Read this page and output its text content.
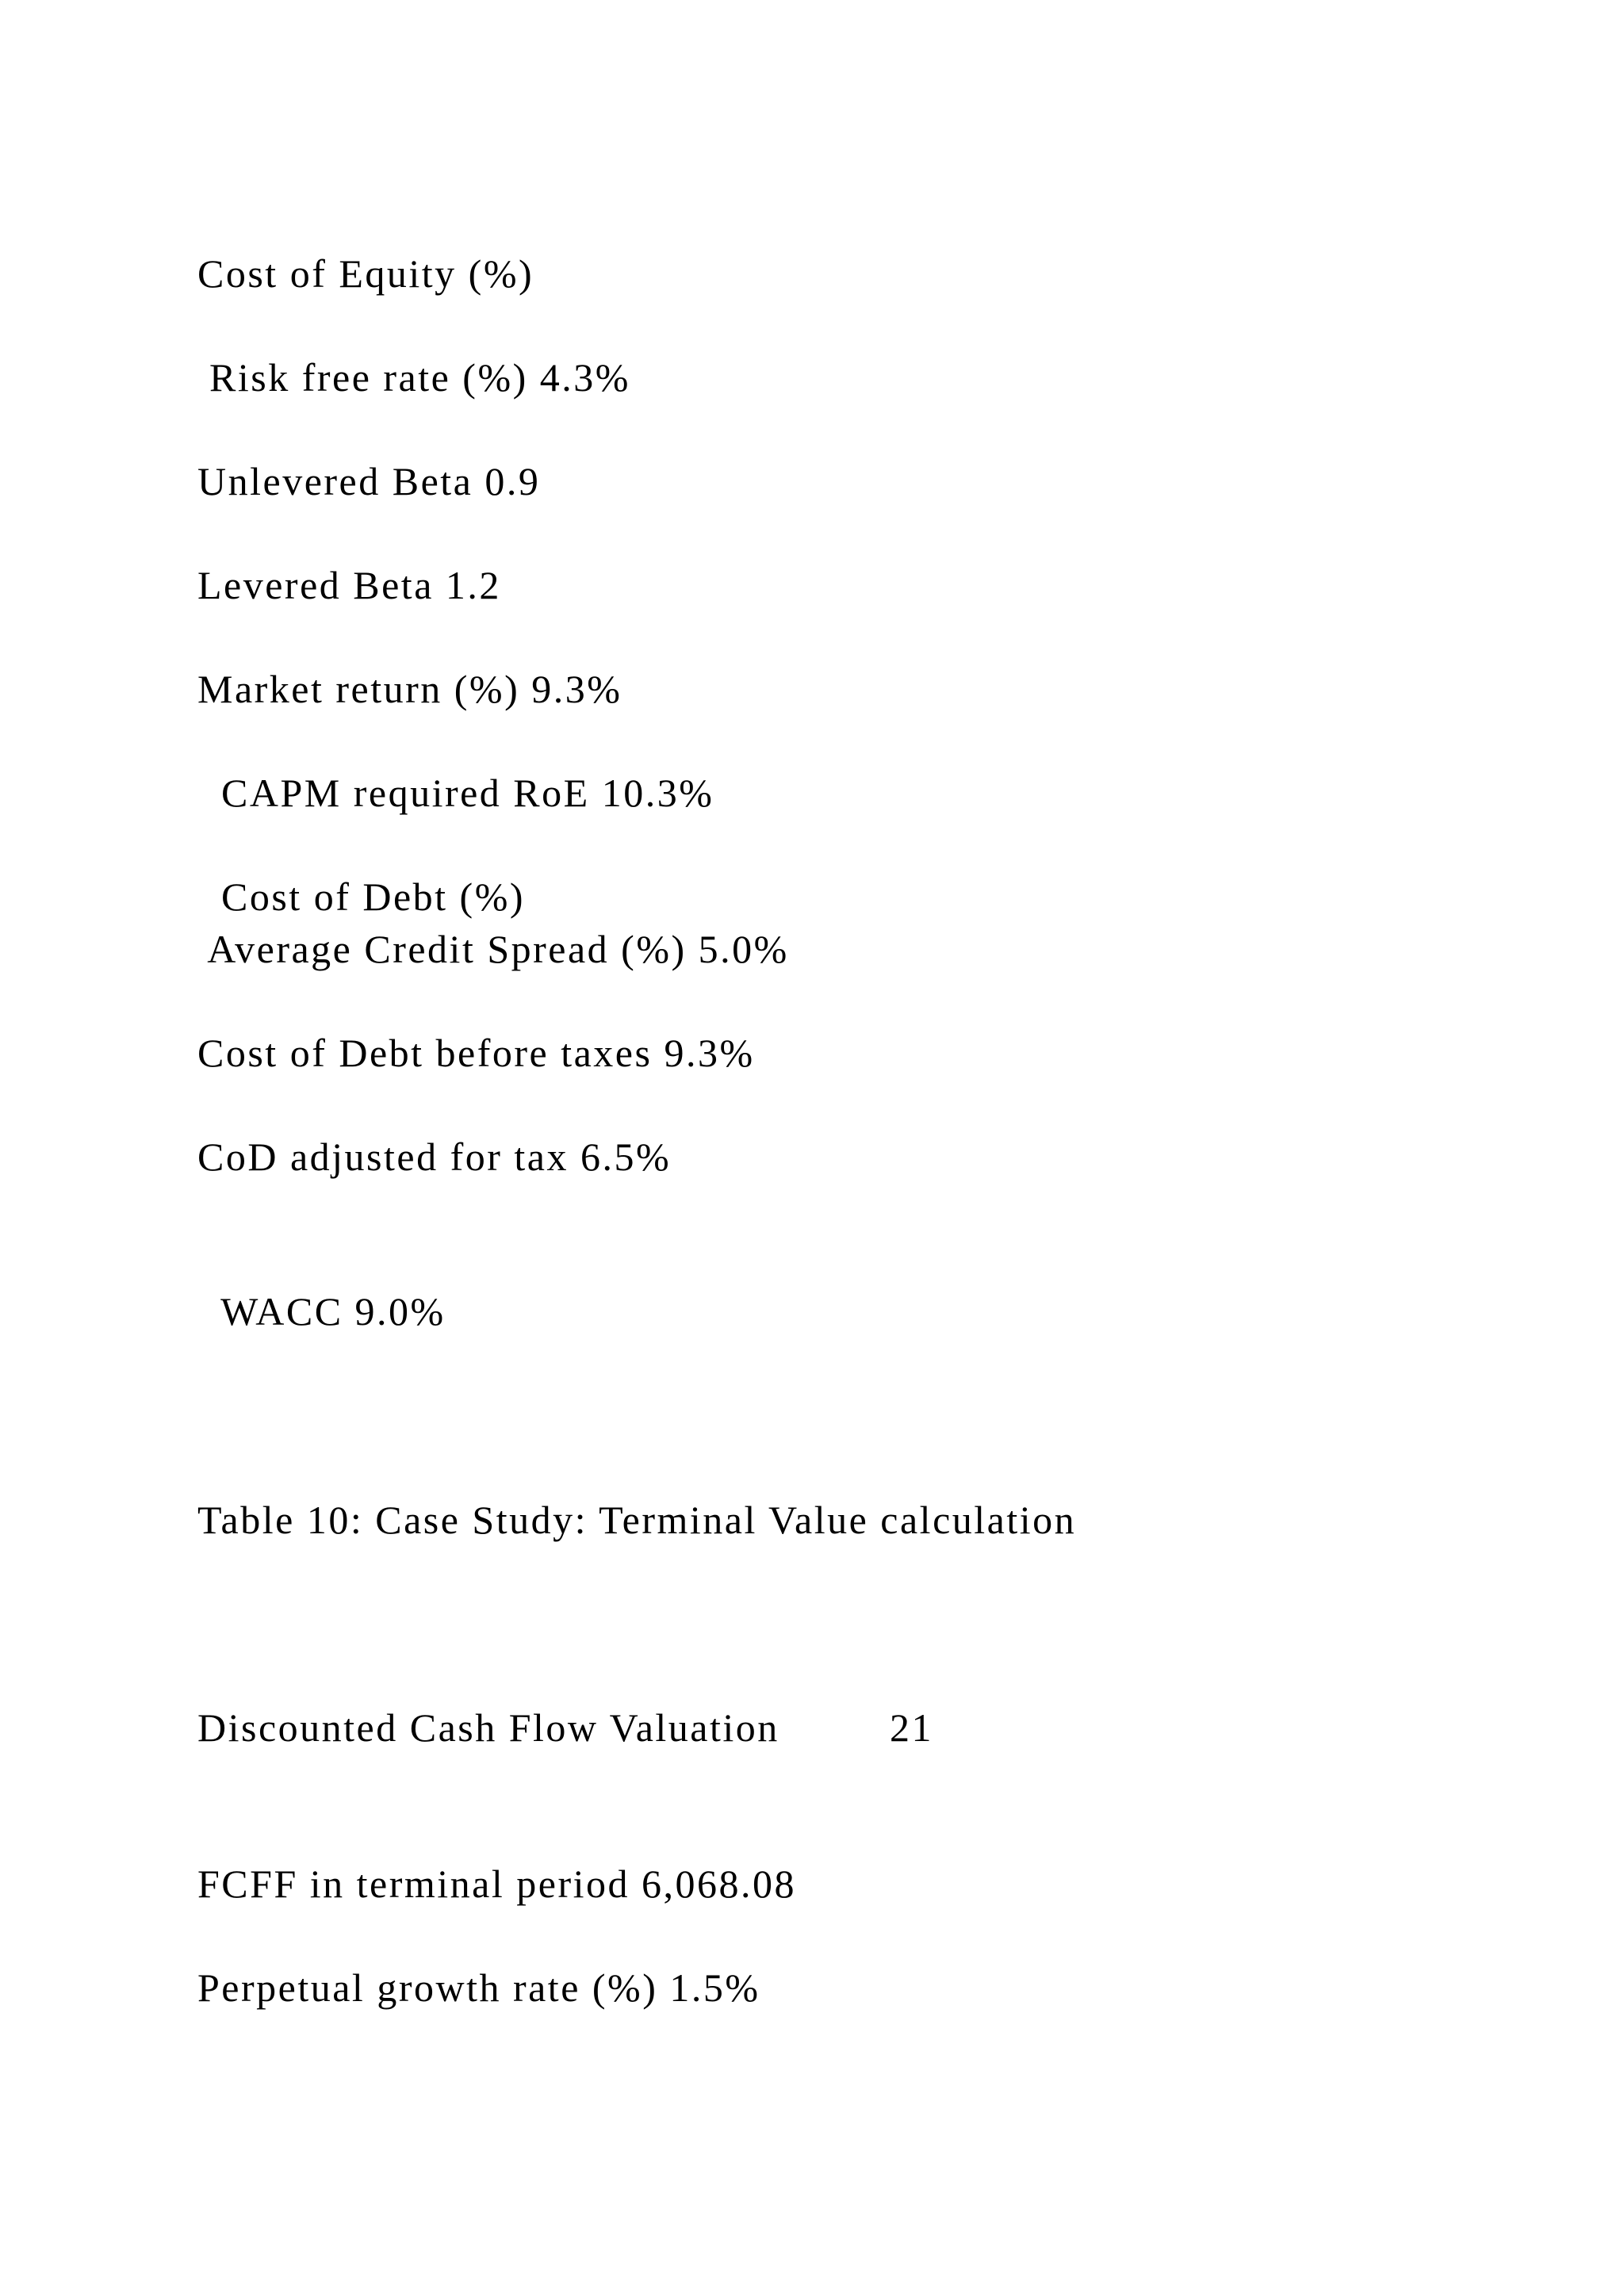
Cost of Equity (%)
Risk free rate (%) 4.3%
Unlevered Beta 0.9
Levered Beta 1.2
Market return (%) 9.3%
CAPM required RoE 10.3%
Cost of Debt (%)
Average Credit Spread (%) 5.0%
Cost of Debt before taxes 9.3%
CoD adjusted for tax 6.5%
WACC 9.0%
Table 10: Case Study: Terminal Value calculation
Discounted Cash Flow Valuation	21
FCFF in terminal period 6,068.08
Perpetual growth rate (%) 1.5%
